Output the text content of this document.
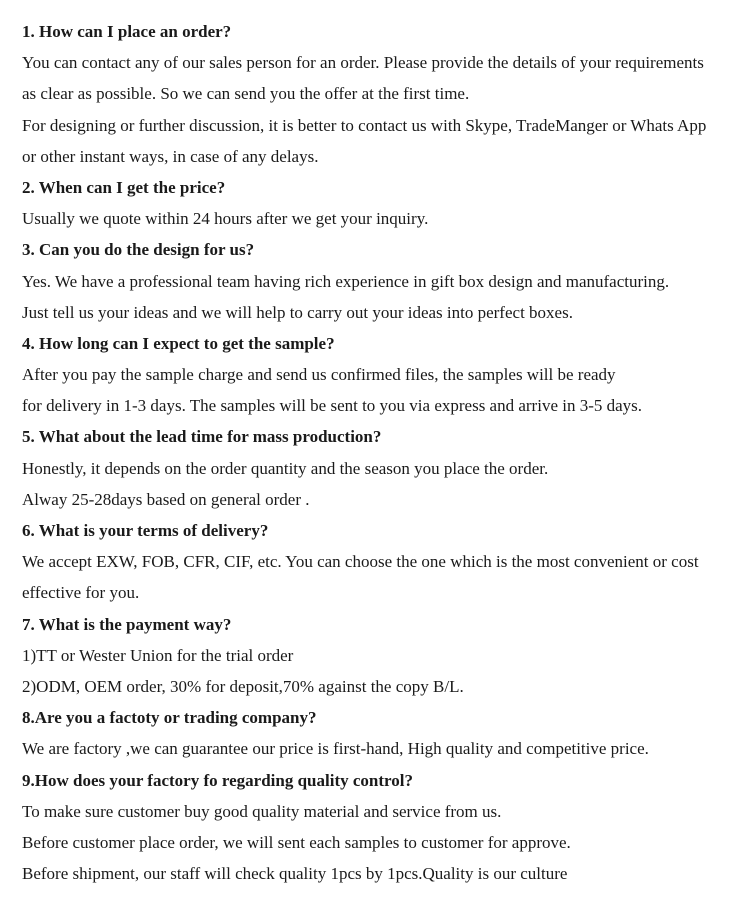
1. How can I place an order?
You can contact any of our sales person for an order. Please provide the details of your requirements
as clear as possible. So we can send you the offer at the first time.
For designing or further discussion, it is better to contact us with Skype, TradeManger or Whats App
or other instant ways, in case of any delays.
2. When can I get the price?
Usually we quote within 24 hours after we get your inquiry.
3. Can you do the design for us?
Yes. We have a professional team having rich experience in gift box design and manufacturing.
Just tell us your ideas and we will help to carry out your ideas into perfect boxes.
4. How long can I expect to get the sample?
After you pay the sample charge and send us confirmed files, the samples will be ready
for delivery in 1-3 days. The samples will be sent to you via express and arrive in 3-5 days.
5. What about the lead time for mass production?
Honestly, it depends on the order quantity and the season you place the order.
Alway 25-28days based on general order .
6. What is your terms of delivery?
We accept EXW, FOB, CFR, CIF, etc. You can choose the one which is the most convenient or cost
effective for you.
7. What is the payment way?
1)TT or Wester Union for the trial order
2)ODM, OEM order, 30% for deposit,70% against the copy B/L.
8.Are you a factoty or trading company?
We are factory ,we can guarantee our price is first-hand, High quality and competitive price.
9.How does your factory fo regarding quality control?
To make sure customer buy good quality material and service from us.
Before customer place order, we will sent each samples to customer for approve.
Before shipment, our staff will check quality 1pcs by 1pcs.Quality is our culture
